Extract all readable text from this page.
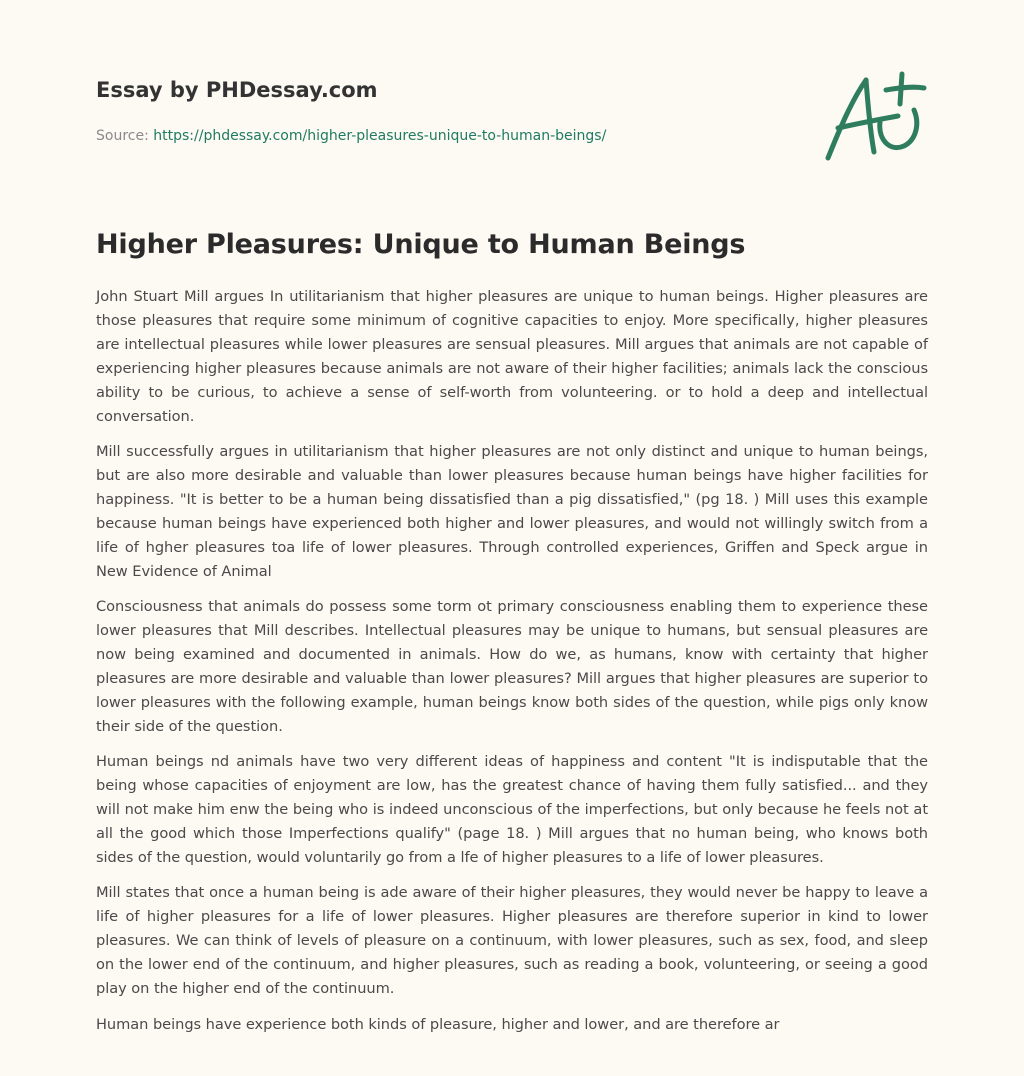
Essay by PHDessay.com
Source: https://phdessay.com/higher-pleasures-unique-to-human-beings/
Higher Pleasures: Unique to Human Beings

John Stuart Mill argues In utilitarianism that higher pleasures are unique to human beings. Higher pleasures are those pleasures that require some minimum of cognitive capacities to enjoy. More specifically, higher pleasures are intellectual pleasures while lower pleasures are sensual pleasures. Mill argues that animals are not capable of experiencing higher pleasures because animals are not aware of their higher facilities; animals lack the conscious ability to be curious, to achieve a sense of self-worth from volunteering. or to hold a deep and intellectual conversation.

Mill successfully argues in utilitarianism that higher pleasures are not only distinct and unique to human beings, but are also more desirable and valuable than lower pleasures because human beings have higher facilities for happiness. "It is better to be a human being dissatisfied than a pig dissatisfied," (pg 18. ) Mill uses this example because human beings have experienced both higher and lower pleasures, and would not willingly switch from a life of hgher pleasures toa life of lower pleasures. Through controlled experiences, Griffen and Speck argue in New Evidence of Animal

Consciousness that animals do possess some torm ot primary consciousness enabling them to experience these lower pleasures that Mill describes. Intellectual pleasures may be unique to humans, but sensual pleasures are now being examined and documented in animals. How do we, as humans, know with certainty that higher pleasures are more desirable and valuable than lower pleasures? Mill argues that higher pleasures are superior to lower pleasures with the following example, human beings know both sides of the question, while pigs only know their side of the question.

Human beings nd animals have two very different ideas of happiness and content "It is indisputable that the being whose capacities of enjoyment are low, has the greatest chance of having them fully satisfied... and they will not make him enw the being who is indeed unconscious of the imperfections, but only because he feels not at all the good which those Imperfections qualify" (page 18. ) Mill argues that no human being, who knows both sides of the question, would voluntarily go from a lfe of higher pleasures to a life of lower pleasures.

Mill states that once a human being is ade aware of their higher pleasures, they would never be happy to leave a life of higher pleasures for a life of lower pleasures. Higher pleasures are therefore superior in kind to lower pleasures. We can think of levels of pleasure on a continuum, with lower pleasures, such as sex, food, and sleep on the lower end of the continuum, and higher pleasures, such as reading a book, volunteering, or seeing a good play on the higher end of the continuum.

Human beings have experience both kinds of pleasure, higher and lower, and are therefore ar
